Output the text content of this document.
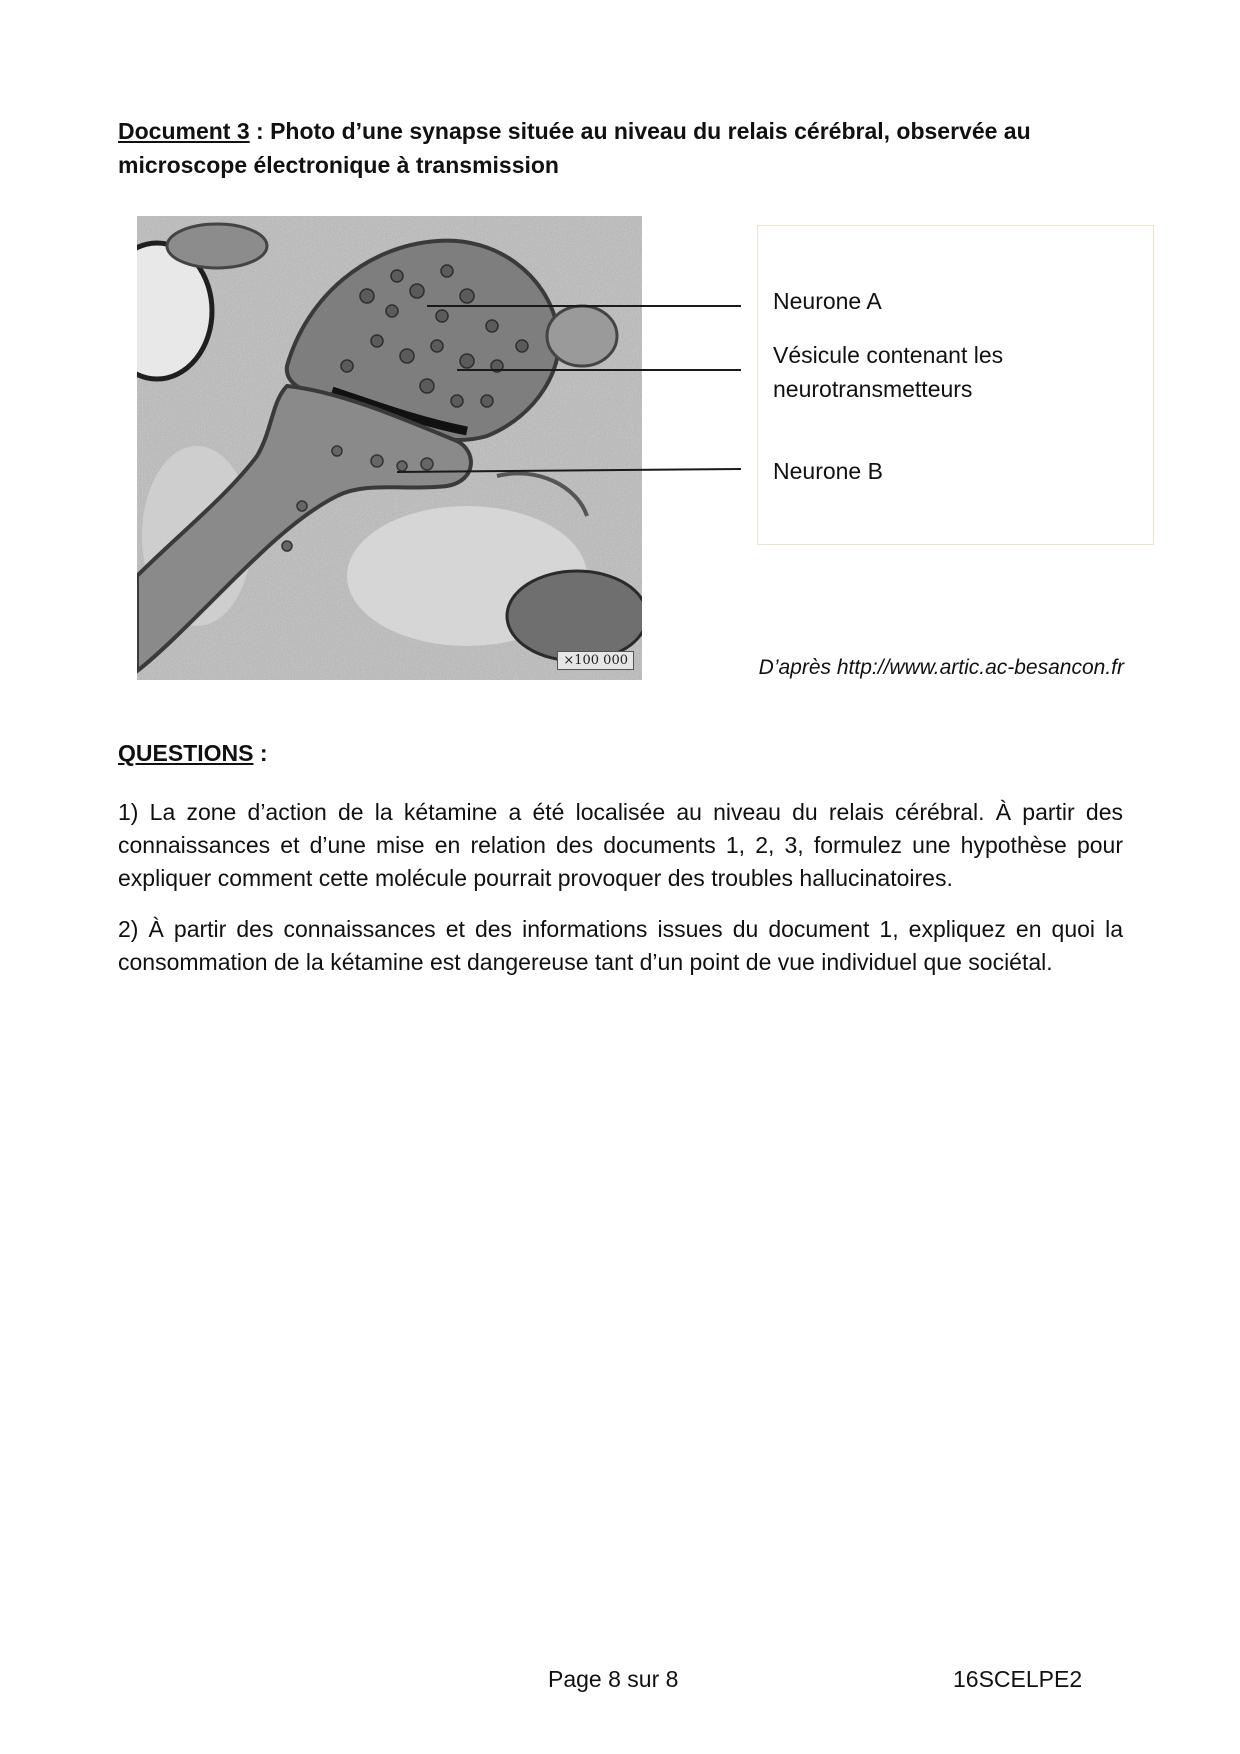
Document 3 : Photo d’une synapse située au niveau du relais cérébral, observée au microscope électronique à transmission
×100 000
Neurone A
Vésicule contenant les
neurotransmetteurs
Neurone B
D’après http://www.artic.ac-besancon.fr
QUESTIONS :

1) La zone d’action de la kétamine a été localisée au niveau du relais cérébral. À partir des connaissances et d’une mise en relation des documents 1, 2, 3, formulez une hypothèse pour expliquer comment cette molécule pourrait provoquer des troubles hallucinatoires.

2) À partir des connaissances et des informations issues du document 1, expliquez en quoi la consommation de la kétamine est dangereuse tant d’un point de vue individuel que sociétal.

Page 8 sur 8	16SCELPE2
